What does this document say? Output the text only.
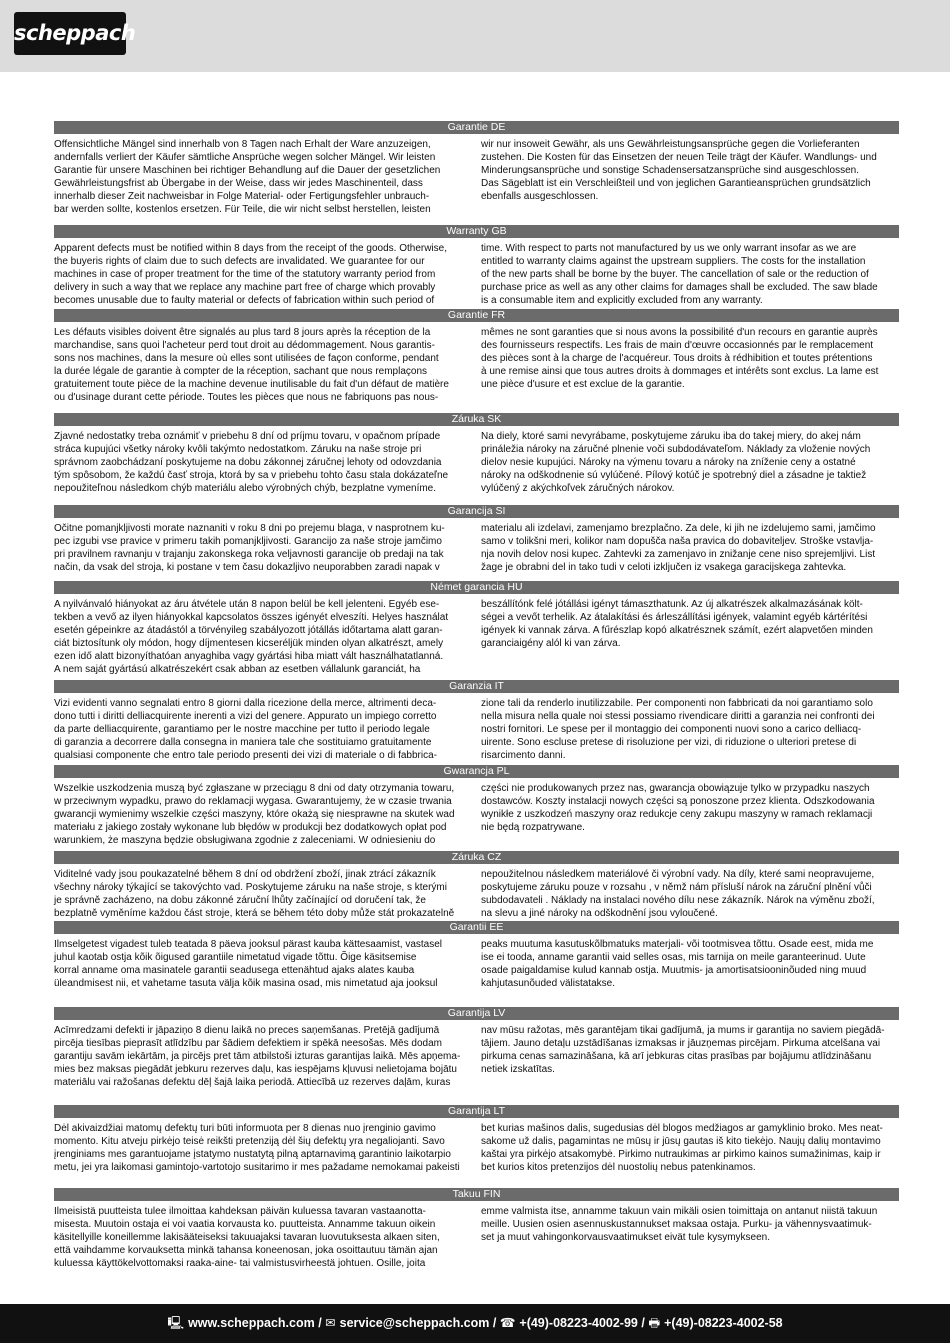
scheppach
Garantie DE
Offensichtliche Mängel sind innerhalb von 8 Tagen nach Erhalt der Ware anzuzeigen,
andernfalls verliert der Käufer sämtliche Ansprüche wegen solcher Mängel. Wir leisten
Garantie für unsere Maschinen bei richtiger Behandlung auf die Dauer der gesetzlichen
Gewährleistungsfrist ab Übergabe in der Weise, dass wir jedes Maschinenteil, dass
innerhalb dieser Zeit nachweisbar in Folge Material- oder Fertigungsfehler unbrauch-
bar werden sollte, kostenlos ersetzen. Für Teile, die wir nicht selbst herstellen, leisten
wir nur insoweit Gewähr, als uns Gewährleistungsansprüche gegen die Vorlieferanten
zustehen. Die Kosten für das Einsetzen der neuen Teile trägt der Käufer. Wandlungs- und
Minderungsansprüche und sonstige Schadensersatzansprüche sind ausgeschlossen.
Das Sägeblatt ist ein Verschleißteil und von jeglichen Garantieansprüchen grundsätzlich
ebenfalls ausgeschlossen.
Warranty GB
Apparent defects must be notified within 8 days from the receipt of the goods. Otherwise,
the buyeris rights of claim due to such defects are invalidated. We guarantee for our
machines in case of proper treatment for the time of the statutory warranty period from
delivery in such a way that we replace any machine part free of charge which provably
becomes unusable due to faulty material or defects of fabrication within such period of
time. With respect to parts not manufactured by us we only warrant insofar as we are
entitled to warranty claims against the upstream suppliers. The costs for the installation
of the new parts shall be borne by the buyer. The cancellation of sale or the reduction of
purchase price as well as any other claims for damages shall be excluded. The saw blade
is a consumable item and explicitly excluded from any warranty.
Garantie FR
Les défauts visibles doivent être signalés au plus tard 8 jours après la réception de la
marchandise, sans quoi l'acheteur perd tout droit au dédommagement. Nous garantis-
sons nos machines, dans la mesure où elles sont utilisées de façon conforme, pendant
la durée légale de garantie à compter de la réception, sachant que nous remplaçons
gratuitement toute pièce de la machine devenue inutilisable du fait d'un défaut de matière
ou d'usinage durant cette période. Toutes les pièces que nous ne fabriquons pas nous-
mêmes ne sont garanties que si nous avons la possibilité d'un recours en garantie auprès
des fournisseurs respectifs. Les frais de main d'œuvre occasionnés par le remplacement
des pièces sont à la charge de l'acquéreur. Tous droits à rédhibition et toutes prétentions
à une remise ainsi que tous autres droits à dommages et intérêts sont exclus. La lame est
une pièce d'usure et est exclue de la garantie.
Záruka SK
Zjavné nedostatky treba oznámiť v priebehu 8 dní od príjmu tovaru, v opačnom prípade
stráca kupujúci všetky nároky kvôli takýmto nedostatkom. Záruku na naše stroje pri
správnom zaobchádzaní poskytujeme na dobu zákonnej záručnej lehoty od odovzdania
tým spôsobom, že každú časť stroja, ktorá by sa v priebehu tohto času stala dokázateľne
nepoužiteľnou následkom chýb materiálu alebo výrobných chýb, bezplatne vymeníme.
Na diely, ktoré sami nevyrábame, poskytujeme záruku iba do takej miery, do akej nám
prináležia nároky na záručné plnenie voči subdodávateľom. Náklady za vloženie nových
dielov nesie kupujúci. Nároky na výmenu tovaru a nároky na zníženie ceny a ostatné
nároky na odškodnenie sú vylúčené. Pílový kotúč je spotrebný diel a zásadne je taktiež
vylúčený z akýchkoľvek záručných nárokov.
Garancija SI
Očitne pomanjkljivosti morate naznaniti v roku 8 dni po prejemu blaga, v nasprotnem ku-
pec izgubi vse pravice v primeru takih pomanjkljivosti. Garancijo za naše stroje jamčimo
pri pravilnem ravnanju v trajanju zakonskega roka veljavnosti garancije ob predaji na tak
način, da vsak del stroja, ki postane v tem času dokazljivo neuporabben zaradi napak v
materialu ali izdelavi, zamenjamo brezplačno. Za dele, ki jih ne izdelujemo sami, jamčimo
samo v tolikšni meri, kolikor nam dopušča naša pravica do dobaviteljev. Stroške vstavlja-
nja novih delov nosi kupec. Zahtevki za zamenjavo in znižanje cene niso sprejemljivi. List
žage je obrabni del in tako tudi v celoti izključen iz vsakega garacijskega zahtevka.
Német garancia HU
A nyilvánvaló hiányokat az áru átvétele után 8 napon belül be kell jelenteni. Egyéb ese-
tekben a vevő az ilyen hiányokkal kapcsolatos összes igényét elveszíti. Helyes használat
esetén gépeinkre az átadástól a törvényileg szabályozott jótállás időtartama alatt garan-
ciát biztosítunk oly módon, hogy díjmentesen kicseréljük minden olyan alkatrészt, amely
ezen idő alatt bizonyíthatóan anyaghiba vagy gyártási hiba miatt vált használhatatlanná.
A nem saját gyártású alkatrészekért csak abban az esetben vállalunk garanciát, ha
beszállítónk felé jótállási igényt támaszthatunk. Az új alkatrészek alkalmazásának költ-
ségei a vevőt terhelik. Az átalakítási és árleszállítási igények, valamint egyéb kártérítési
igények ki vannak zárva. A fűrészlap kopó alkatrésznek számít, ezért alapvetően minden
garanciaigény alól ki van zárva.
Garanzia IT
Vizi evidenti vanno segnalati entro 8 giorni dalla ricezione della merce, altrimenti deca-
dono tutti i diritti delliacquirente inerenti a vizi del genere. Appurato un impiego corretto
da parte delliacquirente, garantiamo per le nostre macchine per tutto il periodo legale
di garanzia a decorrere dalla consegna in maniera tale che sostituiamo gratuitamente
qualsiasi componente che entro tale periodo presenti dei vizi di materiale o di fabbrica-
zione tali da renderlo inutilizzabile. Per componenti non fabbricati da noi garantiamo solo
nella misura nella quale noi stessi possiamo rivendicare diritti a garanzia nei confronti dei
nostri fornitori. Le spese per il montaggio dei componenti nuovi sono a carico delliacq-
uirente. Sono escluse pretese di risoluzione per vizi, di riduzione o ulteriori pretese di
risarcimento danni.
Gwarancja PL
Wszelkie uszkodzenia muszą być zgłaszane w przeciągu 8 dni od daty otrzymania towaru,
w przeciwnym wypadku, prawo do reklamacji wygasa. Gwarantujemy, że w czasie trwania
gwarancji wymienimy wszelkie części maszyny, które okażą się niesprawne na skutek wad
materiału z jakiego zostały wykonane lub błędów w produkcji bez dodatkowych opłat pod
warunkiem, że maszyna będzie obsługiwana zgodnie z zaleceniami. W odniesieniu do
części nie produkowanych przez nas, gwarancja obowiązuje tylko w przypadku naszych
dostawców. Koszty instalacji nowych części są ponoszone przez klienta. Odszkodowania
wynikłe z uszkodzeń maszyny oraz redukcje ceny zakupu maszyny w ramach reklamacji
nie będą rozpatrywane.
Záruka CZ
Viditelné vady jsou poukazatelné během 8 dní od obdržení zboží, jinak ztrácí zákazník
všechny nároky týkající se takovýchto vad. Poskytujeme záruku na naše stroje, s kterými
je správně zacházeno, na dobu zákonné záruční lhůty začínající od doručení tak, že
bezplatně vyměníme každou část stroje, která se během této doby může stát prokazatelně
nepoužitelnou následkem materiálové či výrobní vady. Na díly, které sami neopravujeme,
poskytujeme záruku pouze v rozsahu , v němž nám přísluší nárok na záruční plnění vůči
subdodavateli . Náklady na instalaci nového dílu nese zákazník. Nárok na výměnu zboží,
na slevu a jiné nároky na odškodnění jsou vyloučené.
Garantii EE
Ilmselgetest vigadest tuleb teatada 8 päeva jooksul pärast kauba kättesaamist, vastasel
juhul kaotab ostja kõik õigused garantiile nimetatud vigade tõttu. Õige käsitsemise
korral anname oma masinatele garantii seadusega ettenähtud ajaks alates kauba
üleandmisest nii, et vahetame tasuta välja kõik masina osad, mis nimetatud aja jooksul
peaks muutuma kasutuskõlbmatuks materjali- või tootmisvea tõttu. Osade eest, mida me
ise ei tooda, anname garantii vaid selles osas, mis tarnija on meile garanteerinud. Uute
osade paigaldamise kulud kannab ostja. Muutmis- ja amortisatsiooninõuded ning muud
kahjutasunõuded välistatakse.
Garantija LV
Acīmredzami defekti ir jāpaziņo 8 dienu laikā no preces saņemšanas. Pretējā gadījumā
pircēja tiesības pieprasīt atlīdzību par šādiem defektiem ir spēkā neesošas. Mēs dodam
garantiju savām iekārtām, ja pircējs pret tām atbilstoši izturas garantijas laikā. Mēs apņema-
mies bez maksas piegādāt jebkuru rezerves daļu, kas iespējams kļuvusi nelietojama bojātu
materiālu vai ražošanas defektu dēļ šajā laika periodā. Attiecībā uz rezerves daļām, kuras
nav mūsu ražotas, mēs garantējam tikai gadījumā, ja mums ir garantija no saviem piegādā-
tājiem. Jauno detaļu uzstādīšanas izmaksas ir jāuzņemas pircējam. Pirkuma atcelšana vai
pirkuma cenas samazināšana, kā arī jebkuras citas prasības par bojājumu atlīdzināšanu
netiek izskatītas.
Garantija LT
Dėl akivaizdžiai matomų defektų turi būti informuota per 8 dienas nuo įrenginio gavimo
momento. Kitu atveju pirkėjo teisė reikšti pretenziją dėl šių defektų yra negaliojanti. Savo
įrenginiams mes garantuojame įstatymo nustatytą pilną aptarnavimą garantinio laikotarpio
metu, jei yra laikomasi gamintojo-vartotojo susitarimo ir mes pažadame nemokamai pakeisti
bet kurias mašinos dalis, sugedusias dėl blogos medžiagos ar gamyklinio broko. Mes neat-
sakome už dalis, pagamintas ne mūsų ir jūsų gautas iš kito tiekėjo. Naujų dalių montavimo
kaštai yra pirkėjo atsakomybė. Pirkimo nutraukimas ar pirkimo kainos sumažinimas, kaip ir
bet kurios kitos pretenzijos dėl nuostolių nebus patenkinamos.
Takuu FIN
Ilmeisistä puutteista tulee ilmoittaa kahdeksan päivän kuluessa tavaran vastaanotta-
misesta. Muutoin ostaja ei voi vaatia korvausta ko. puutteista. Annamme takuun oikein
käsitellyille koneillemme lakisääteiseksi takuuajaksi tavaran luovutuksesta alkaen siten,
että vaihdamme korvauksetta minkä tahansa koneenosan, joka osoittautuu tämän ajan
kuluessa käyttökelvottomaksi raaka-aine- tai valmistusvirheestä johtuen. Osille, joita
emme valmista itse, annamme takuun vain mikäli osien toimittaja on antanut niistä takuun
meille. Uusien osien asennuskustannukset maksaa ostaja. Purku- ja vähennysvaatimuk-
set ja muut vahingonkorvausvaatimukset eivät tule kysymykseen.
🖳 www.scheppach.com / ✉ service@scheppach.com / ☎ +(49)-08223-4002-99 / 🖶 +(49)-08223-4002-58
